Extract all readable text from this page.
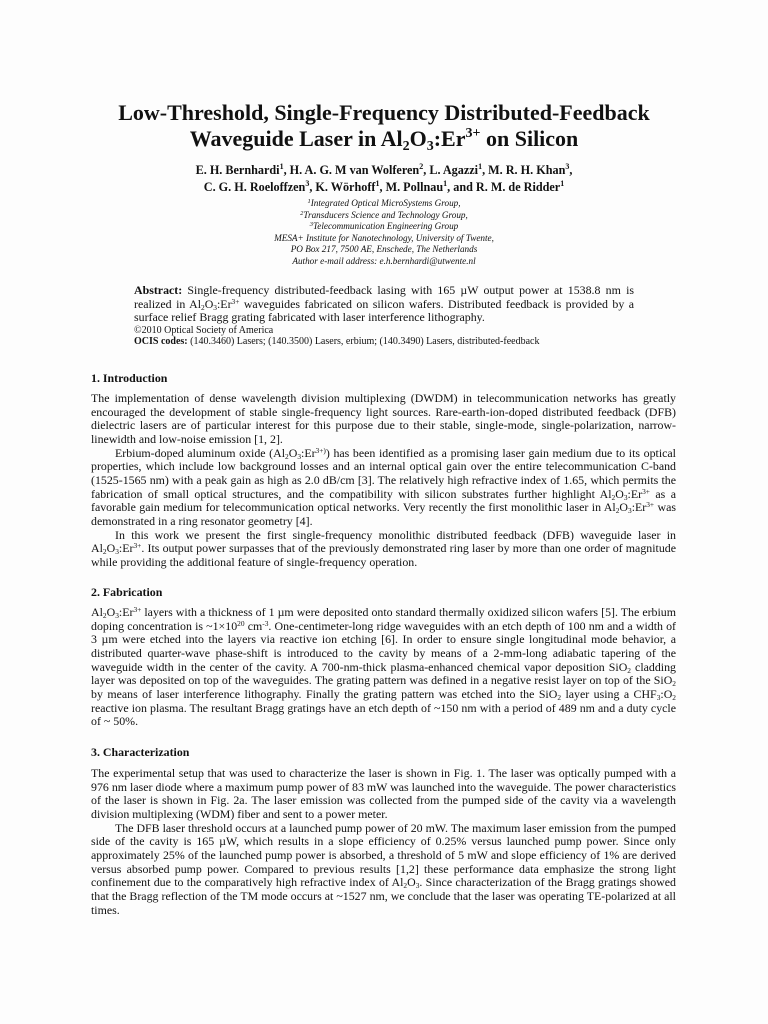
Low-Threshold, Single-Frequency Distributed-Feedback
Waveguide Laser in $Al_2O_3:Er^{3+}$ on Silicon
E. H. Bernhardi$^1$, H. A. G. M van Wolferen$^2$, L. Agazzi$^1$, M. R. H. Khan$^3$,
C. G. H. Roeloffzen$^3$, K. Wörhoff$^1$, M. Pollnau$^1$, and R. M. de Ridder$^1$
$^1$Integrated Optical MicroSystems Group,
$^2$Transducers Science and Technology Group,
$^3$Telecommunication Engineering Group
MESA+ Institute for Nanotechnology, University of Twente,
PO Box 217, 7500 AE, Enschede, The Netherlands
Author e-mail address: e.h.bernhardi@utwente.nl
Abstract: Single-frequency distributed-feedback lasing with 165 µW output power at 1538.8 nm is realized in $Al_2O_3:Er^{3+}$ waveguides fabricated on silicon wafers. Distributed feedback is provided by a surface relief Bragg grating fabricated with laser interference lithography.
©2010 Optical Society of America
OCIS codes: (140.3460) Lasers; (140.3500) Lasers, erbium; (140.3490) Lasers, distributed-feedback
1. Introduction

The implementation of dense wavelength division multiplexing (DWDM) in telecommunication networks has greatly encouraged the development of stable single-frequency light sources. Rare-earth-ion-doped distributed feedback (DFB) dielectric lasers are of particular interest for this purpose due to their stable, single-mode, single-polarization, narrow-linewidth and low-noise emission [1, 2].

Erbium-doped aluminum oxide $(Al_2O_3:Er^{3+)})$ has been identified as a promising laser gain medium due to its optical properties, which include low background losses and an internal optical gain over the entire telecommunication C-band (1525-1565 nm) with a peak gain as high as 2.0 dB/cm [3]. The relatively high refractive index of 1.65, which permits the fabrication of small optical structures, and the compatibility with silicon substrates further highlight $Al_2O_3:Er^{3+}$ as a favorable gain medium for telecommunication optical networks. Very recently the first monolithic laser in $Al_2O_3:Er^{3+}$ was demonstrated in a ring resonator geometry [4].

In this work we present the first single-frequency monolithic distributed feedback (DFB) waveguide laser in $Al_2O_3:Er^{3+}$. Its output power surpasses that of the previously demonstrated ring laser by more than one order of magnitude while providing the additional feature of single-frequency operation.

2. Fabrication

$Al_2O_3:Er^{3+}$ layers with a thickness of 1 µm were deposited onto standard thermally oxidized silicon wafers [5]. The erbium doping concentration is $\sim 1\times 10^{20}$ $cm^{-3}$. One-centimeter-long ridge waveguides with an etch depth of 100 nm and a width of 3 µm were etched into the layers via reactive ion etching [6]. In order to ensure single longitudinal mode behavior, a distributed quarter-wave phase-shift is introduced to the cavity by means of a 2-mm-long adiabatic tapering of the waveguide width in the center of the cavity. A 700-nm-thick plasma-enhanced chemical vapor deposition SiO$_2$ cladding layer was deposited on top of the waveguides. The grating pattern was defined in a negative resist layer on top of the SiO$_2$ by means of laser interference lithography. Finally the grating pattern was etched into the SiO$_2$ layer using a $CHF_3:O_2$ reactive ion plasma. The resultant Bragg gratings have an etch depth of ~150 nm with a period of 489 nm and a duty cycle of ~ 50%.

3. Characterization

The experimental setup that was used to characterize the laser is shown in Fig. 1. The laser was optically pumped with a 976 nm laser diode where a maximum pump power of 83 mW was launched into the waveguide. The power characteristics of the laser is shown in Fig. 2a. The laser emission was collected from the pumped side of the cavity via a wavelength division multiplexing (WDM) fiber and sent to a power meter.

The DFB laser threshold occurs at a launched pump power of 20 mW. The maximum laser emission from the pumped side of the cavity is 165 µW, which results in a slope efficiency of 0.25% versus launched pump power. Since only approximately 25% of the launched pump power is absorbed, a threshold of 5 mW and slope efficiency of 1% are derived versus absorbed pump power. Compared to previous results [1,2] these performance data emphasize the strong light confinement due to the comparatively high refractive index of $Al_2O_3$. Since characterization of the Bragg gratings showed that the Bragg reflection of the TM mode occurs at ~1527 nm, we conclude that the laser was operating TE-polarized at all times.
